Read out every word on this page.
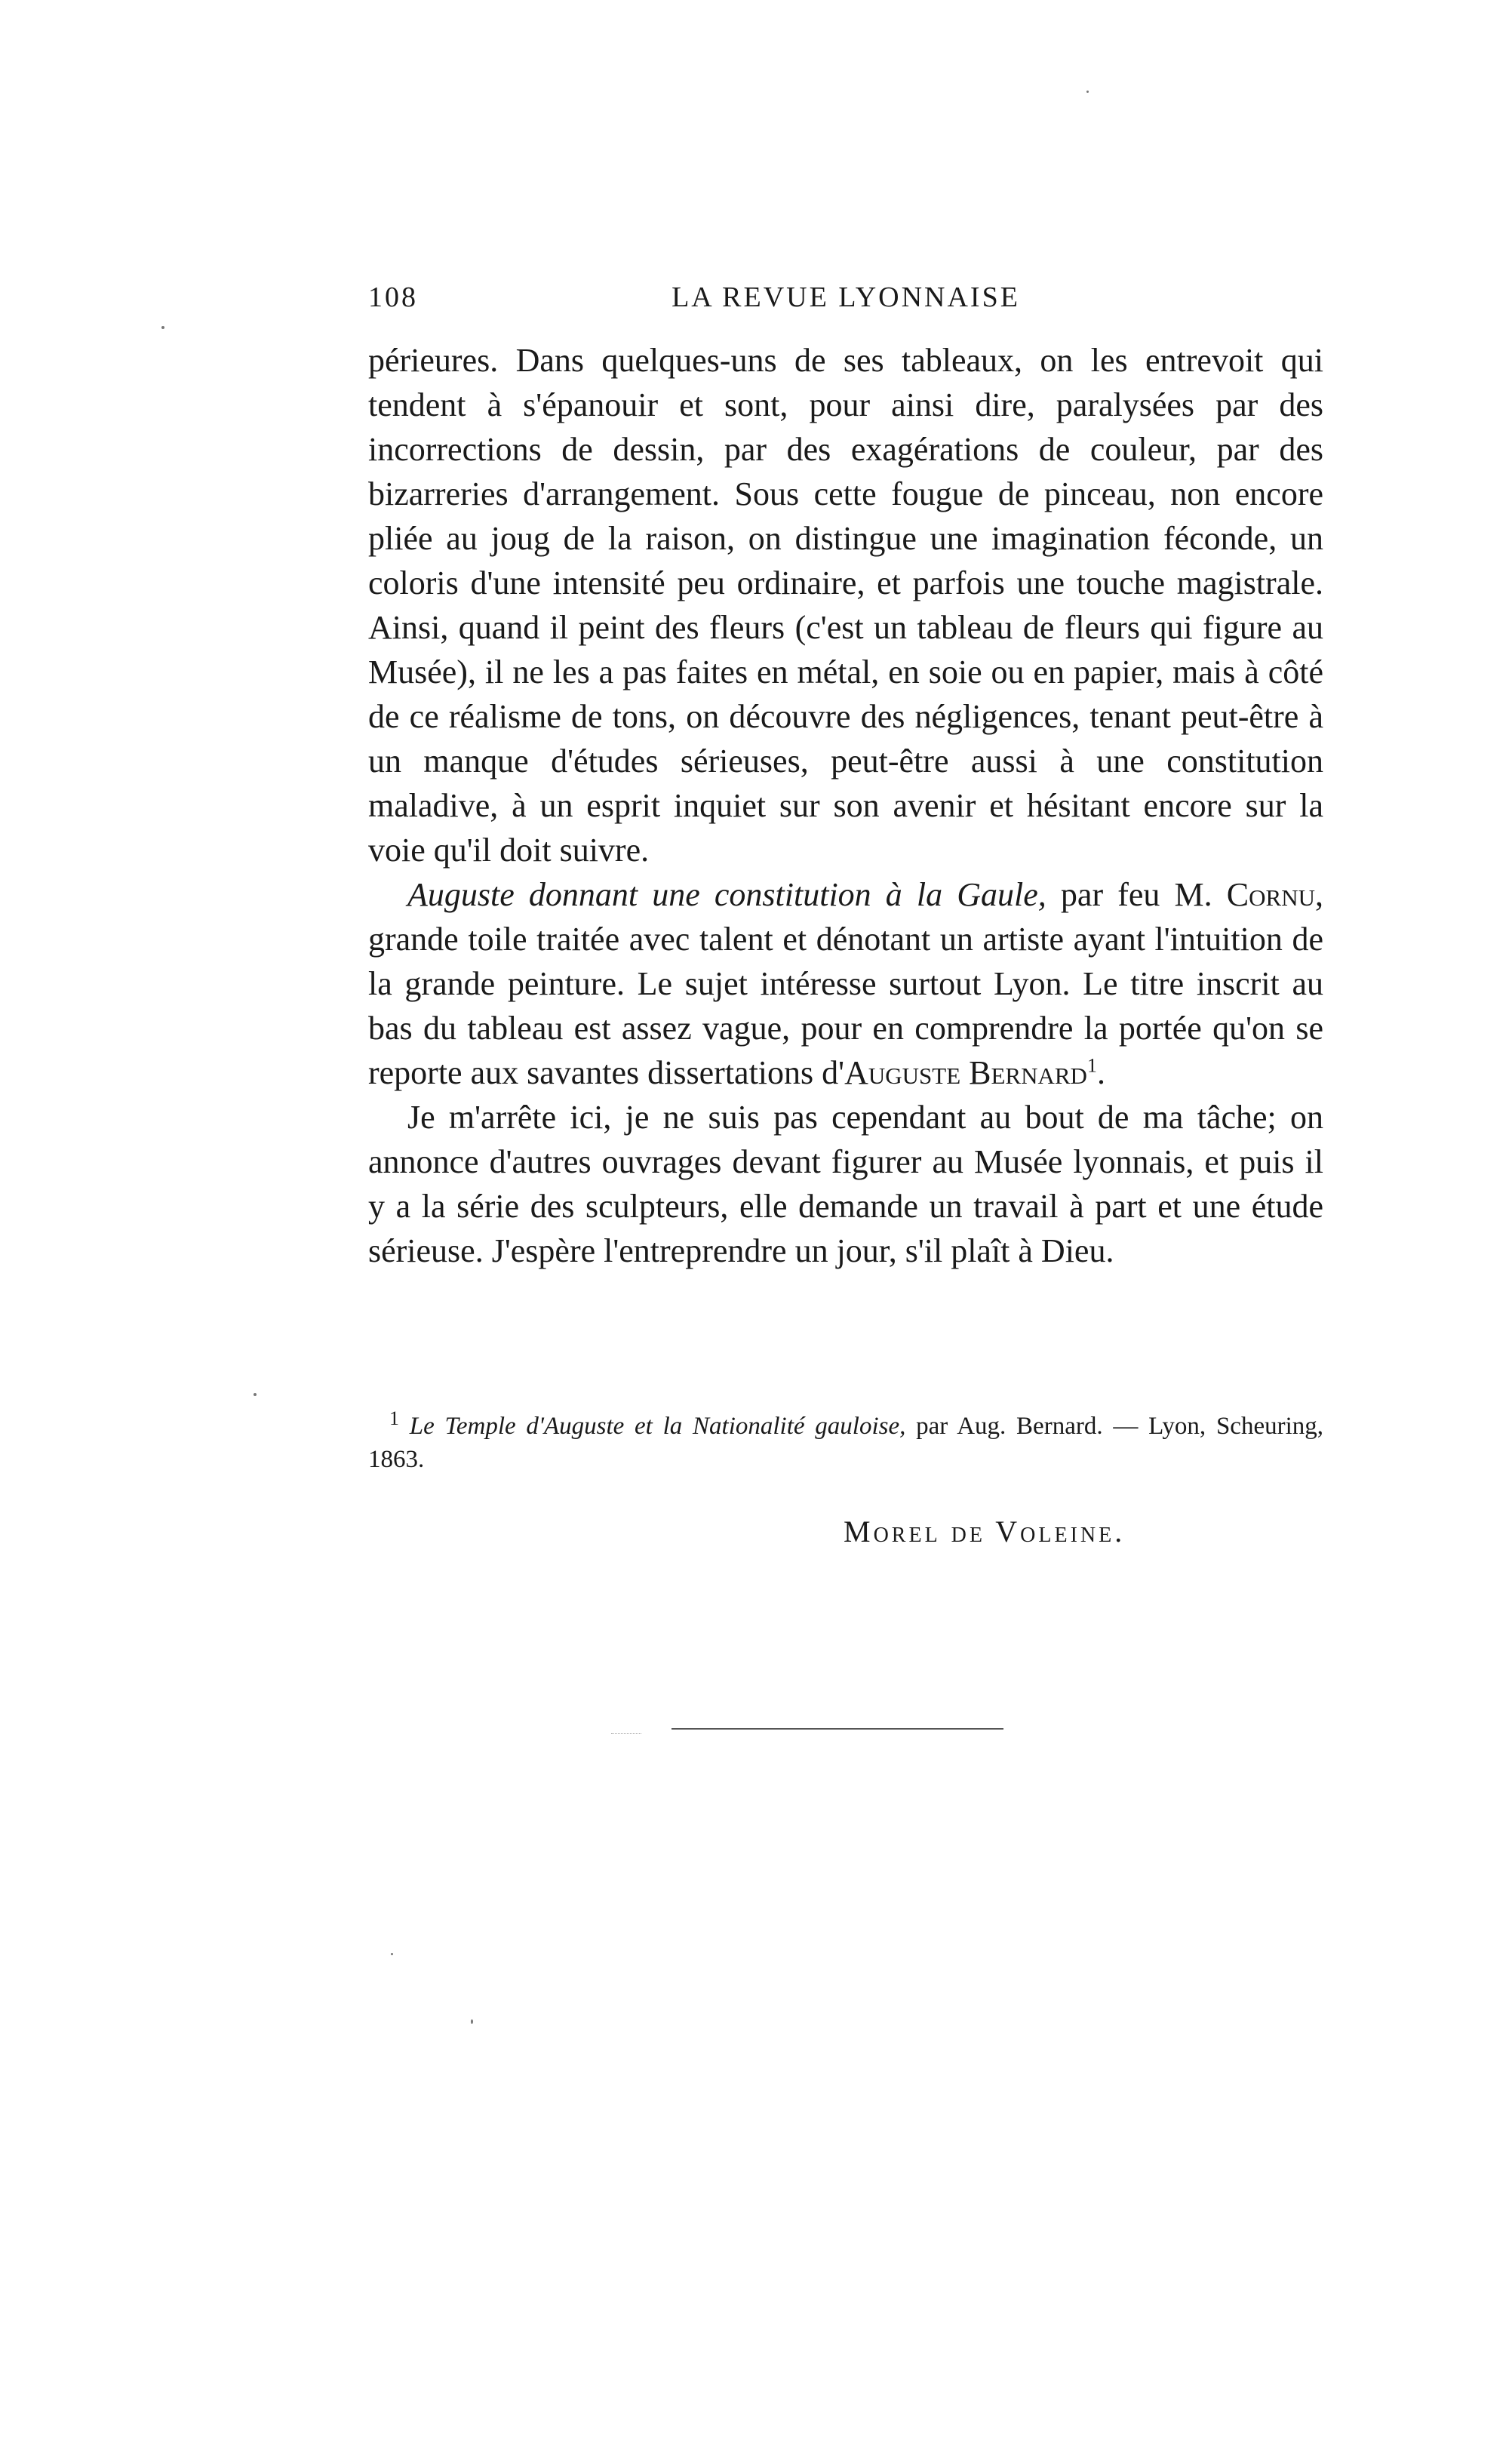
108	LA REVUE LYONNAISE

périeures. Dans quelques-uns de ses tableaux, on les entrevoit qui tendent à s'épanouir et sont, pour ainsi dire, paralysées par des incorrections de dessin, par des exagérations de couleur, par des bizarreries d'arrangement. Sous cette fougue de pinceau, non encore pliée au joug de la raison, on distingue une imagination féconde, un coloris d'une intensité peu ordinaire, et parfois une touche magistrale. Ainsi, quand il peint des fleurs (c'est un tableau de fleurs qui figure au Musée), il ne les a pas faites en métal, en soie ou en papier, mais à côté de ce réalisme de tons, on découvre des négligences, tenant peut-être à un manque d'études sérieuses, peut-être aussi à une constitution maladive, à un esprit inquiet sur son avenir et hésitant encore sur la voie qu'il doit suivre.

Auguste donnant une constitution à la Gaule, par feu M. Cornu, grande toile traitée avec talent et dénotant un artiste ayant l'intuition de la grande peinture. Le sujet intéresse surtout Lyon. Le titre inscrit au bas du tableau est assez vague, pour en comprendre la portée qu'on se reporte aux savantes dissertations d'Auguste Bernard$^1$.

Je m'arrête ici, je ne suis pas cependant au bout de ma tâche; on annonce d'autres ouvrages devant figurer au Musée lyonnais, et puis il y a la série des sculpteurs, elle demande un travail à part et une étude sérieuse. J'espère l'entreprendre un jour, s'il plaît à Dieu.

$^1$ Le Temple d'Auguste et la Nationalité gauloise, par Aug. Bernard. — Lyon, Scheuring, 1863.

Morel de Voleine.
